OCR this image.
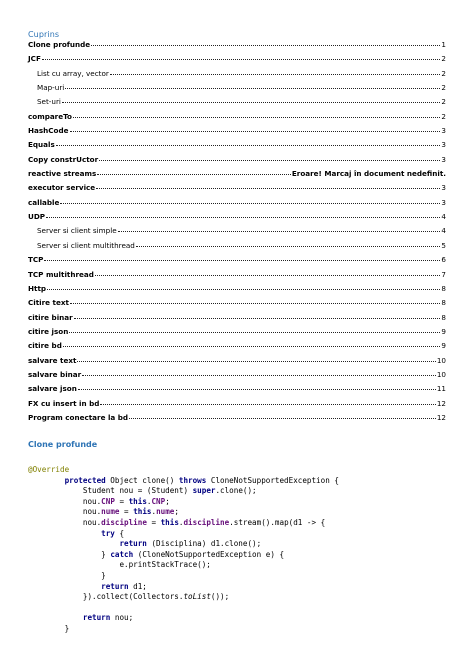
Cuprins
Clone profunde	1
JCF	2
List cu array, vector	2
Map-uri	2
Set-uri	2
compareTo	2
HashCode	3
Equals	3
Copy constrUctor	3
reactive streams	Eroare! Marcaj în document nedefinit.
executor service	3
callable	3
UDP	4
Server si client simple	4
Server si client multithread	5
TCP	6
TCP multithread	7
Http	8
Citire text	8
citire binar	8
citire json	9
citire bd	9
salvare text	10
salvare binar	10
salvare json	11
FX cu insert in bd	12
Program conectare la bd	12
Clone profunde
@Override
protected Object clone() throws CloneNotSupportedException {
Student nou = (Student) super.clone();
nou.CNP = this.CNP;
nou.nume = this.nume;
nou.discipline = this.discipline.stream().map(d1 -> {
try {
return (Disciplina) d1.clone();
} catch (CloneNotSupportedException e) {
e.printStackTrace();
}
return d1;
}).collect(Collectors.toList());

return nou;
}
